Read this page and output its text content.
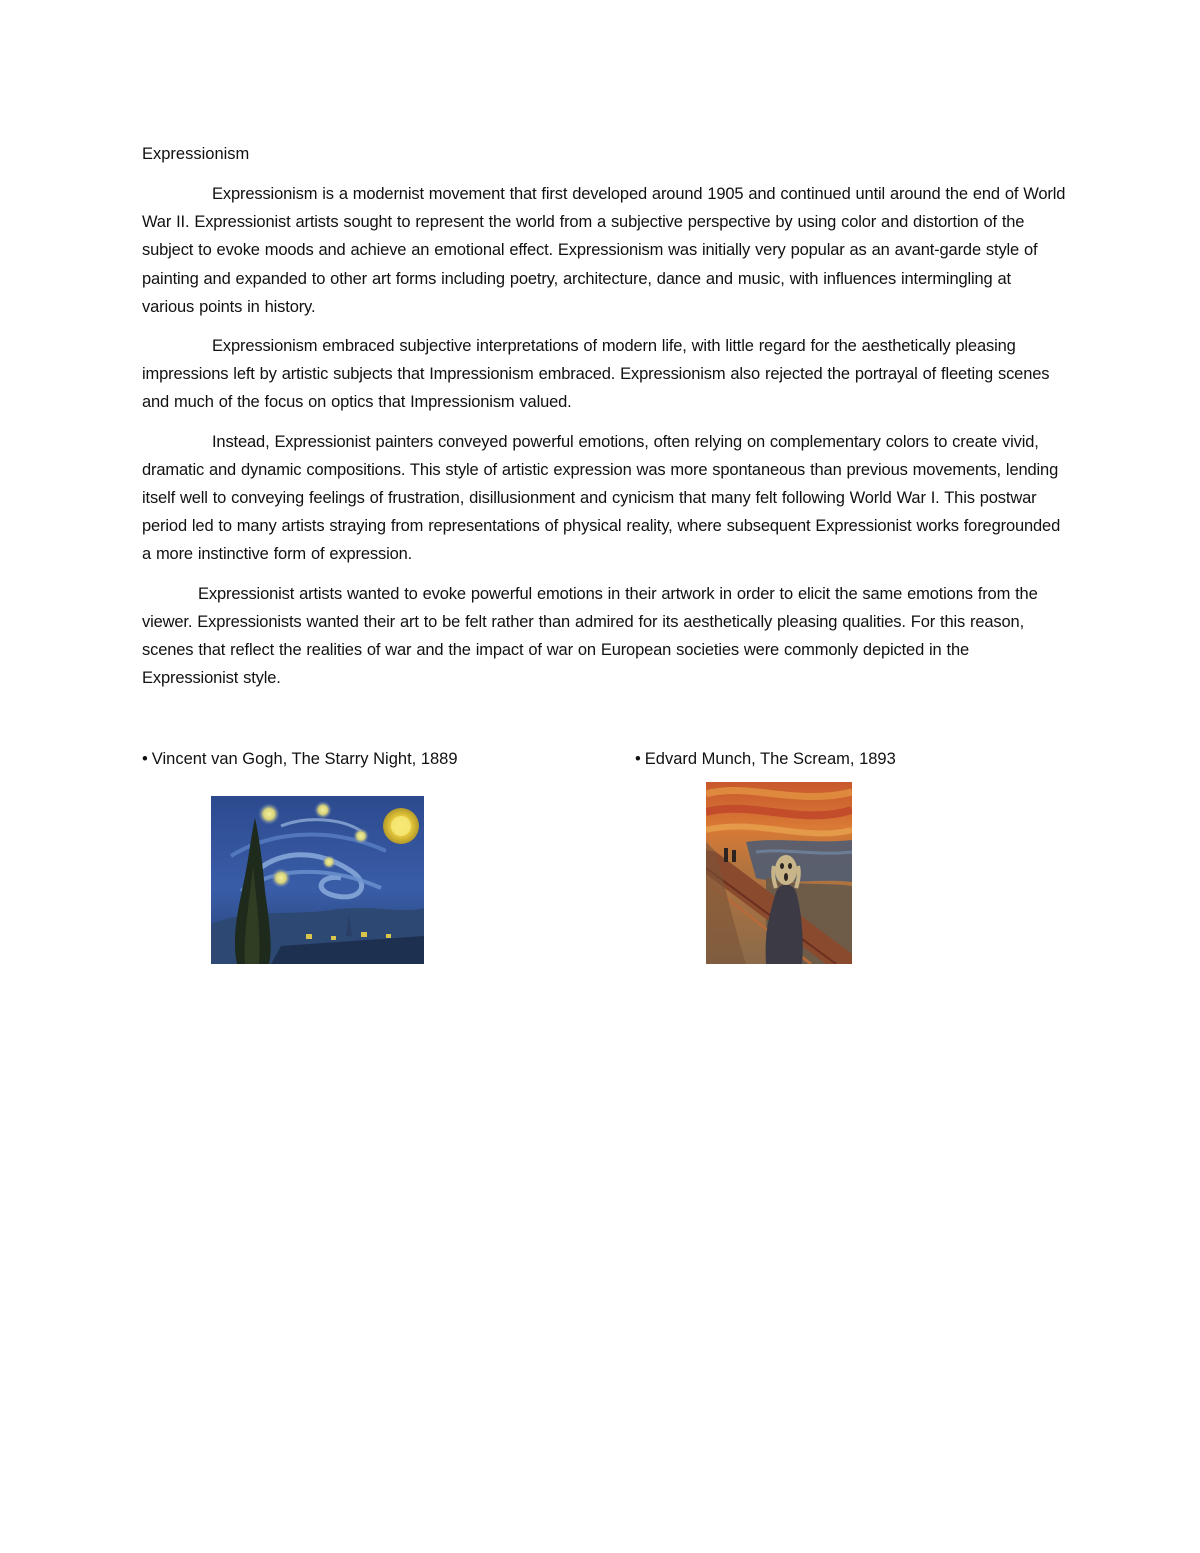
Expressionism

Expressionism is a modernist movement that first developed around 1905 and continued until around the end of World War II. Expressionist artists sought to represent the world from a subjective perspective by using color and distortion of the subject to evoke moods and achieve an emotional effect. Expressionism was initially very popular as an avant-garde style of painting and expanded to other art forms including poetry, architecture, dance and music, with influences intermingling at various points in history.

Expressionism embraced subjective interpretations of modern life, with little regard for the aesthetically pleasing impressions left by artistic subjects that Impressionism embraced. Expressionism also rejected the portrayal of fleeting scenes and much of the focus on optics that Impressionism valued.

Instead, Expressionist painters conveyed powerful emotions, often relying on complementary colors to create vivid, dramatic and dynamic compositions. This style of artistic expression was more spontaneous than previous movements, lending itself well to conveying feelings of frustration, disillusionment and cynicism that many felt following World War I. This postwar period led to many artists straying from representations of physical reality, where subsequent Expressionist works foregrounded a more instinctive form of expression.

Expressionist artists wanted to evoke powerful emotions in their artwork in order to elicit the same emotions from the viewer. Expressionists wanted their art to be felt rather than admired for its aesthetically pleasing qualities. For this reason, scenes that reflect the realities of war and the impact of war on European societies were commonly depicted in the Expressionist style.

• Vincent van Gogh, The Starry Night, 1889	• Edvard Munch, The Scream, 1893
